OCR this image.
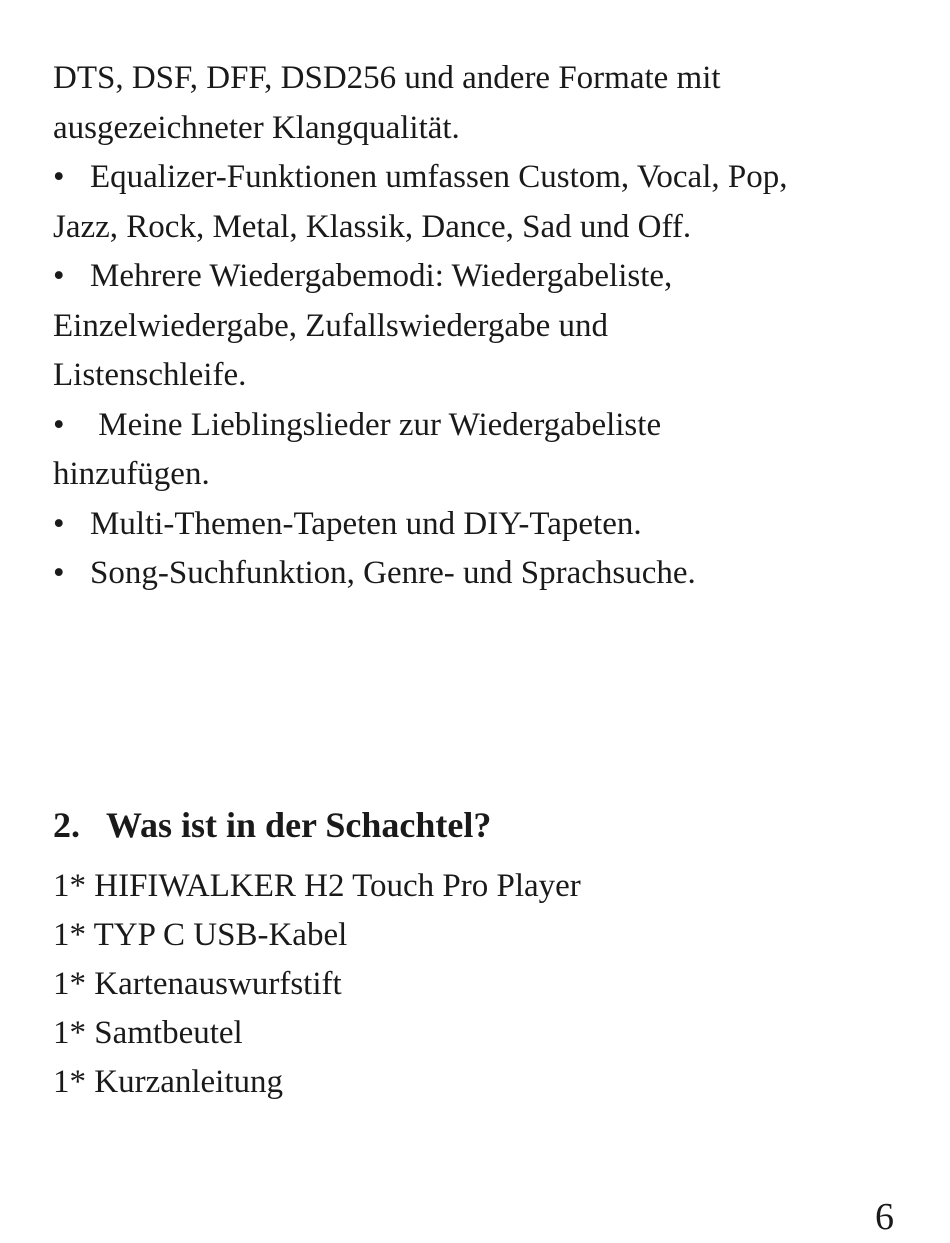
DTS, DSF, DFF, DSD256 und andere Formate mit

ausgezeichneter Klangqualität.

• Equalizer-Funktionen umfassen Custom, Vocal, Pop,

Jazz, Rock, Metal, Klassik, Dance, Sad und Off.

• Mehrere Wiedergabemodi: Wiedergabeliste,

Einzelwiedergabe, Zufallswiedergabe und

Listenschleife.

• Meine Lieblingslieder zur Wiedergabeliste

hinzufügen.

• Multi-Themen-Tapeten und DIY-Tapeten.

• Song-Suchfunktion, Genre- und Sprachsuche.

2. Was ist in der Schachtel?
1* HIFIWALKER H2 Touch Pro Player
1* TYP C USB-Kabel
1* Kartenauswurfstift
1* Samtbeutel
1* Kurzanleitung
6
